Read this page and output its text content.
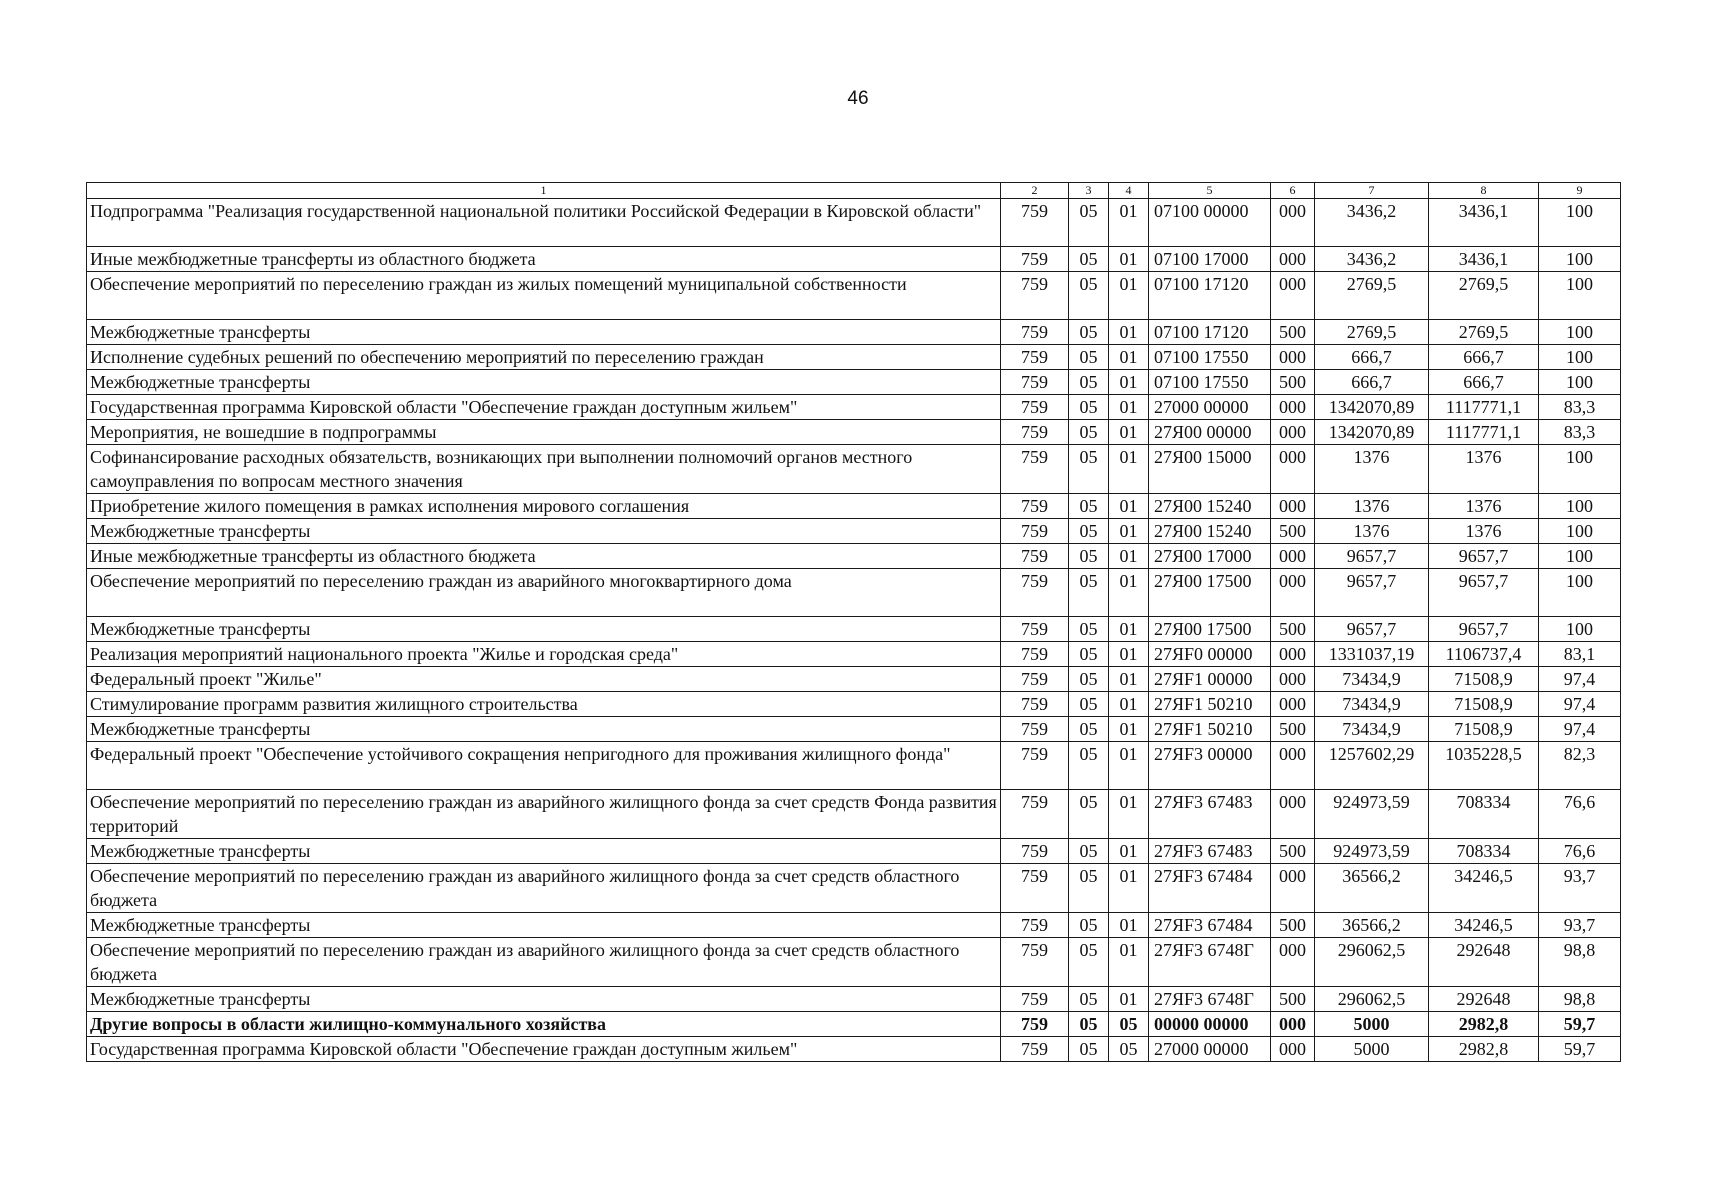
46
1	2	3	4	5	6	7	8	9
Подпрограмма "Реализация государственной национальной политики Российской Федерации в Кировской области"	759	05	01	07100 00000	000	3436,2	3436,1	100
Иные межбюджетные трансферты из областного бюджета	759	05	01	07100 17000	000	3436,2	3436,1	100
Обеспечение мероприятий по переселению граждан из жилых помещений муниципальной собственности	759	05	01	07100 17120	000	2769,5	2769,5	100
Межбюджетные трансферты	759	05	01	07100 17120	500	2769,5	2769,5	100
Исполнение судебных решений по обеспечению мероприятий по переселению граждан	759	05	01	07100 17550	000	666,7	666,7	100
Межбюджетные трансферты	759	05	01	07100 17550	500	666,7	666,7	100
Государственная программа Кировской области "Обеспечение граждан доступным жильем"	759	05	01	27000 00000	000	1342070,89	1117771,1	83,3
Мероприятия, не вошедшие в подпрограммы	759	05	01	27Я00 00000	000	1342070,89	1117771,1	83,3
Софинансирование расходных обязательств, возникающих при выполнении полномочий органов местного самоуправления по вопросам местного значения	759	05	01	27Я00 15000	000	1376	1376	100
Приобретение жилого помещения в рамках исполнения мирового соглашения	759	05	01	27Я00 15240	000	1376	1376	100
Межбюджетные трансферты	759	05	01	27Я00 15240	500	1376	1376	100
Иные межбюджетные трансферты из областного бюджета	759	05	01	27Я00 17000	000	9657,7	9657,7	100
Обеспечение мероприятий по переселению граждан из аварийного многоквартирного дома	759	05	01	27Я00 17500	000	9657,7	9657,7	100
Межбюджетные трансферты	759	05	01	27Я00 17500	500	9657,7	9657,7	100
Реализация мероприятий национального проекта "Жилье и городская среда"	759	05	01	27ЯF0 00000	000	1331037,19	1106737,4	83,1
Федеральный проект "Жилье"	759	05	01	27ЯF1 00000	000	73434,9	71508,9	97,4
Стимулирование программ развития жилищного строительства	759	05	01	27ЯF1 50210	000	73434,9	71508,9	97,4
Межбюджетные трансферты	759	05	01	27ЯF1 50210	500	73434,9	71508,9	97,4
Федеральный проект "Обеспечение устойчивого сокращения непригодного для проживания жилищного фонда"	759	05	01	27ЯF3 00000	000	1257602,29	1035228,5	82,3
Обеспечение мероприятий по переселению граждан из аварийного жилищного фонда за счет средств Фонда развития территорий	759	05	01	27ЯF3 67483	000	924973,59	708334	76,6
Межбюджетные трансферты	759	05	01	27ЯF3 67483	500	924973,59	708334	76,6
Обеспечение мероприятий по переселению граждан из аварийного жилищного фонда за счет средств областного бюджета	759	05	01	27ЯF3 67484	000	36566,2	34246,5	93,7
Межбюджетные трансферты	759	05	01	27ЯF3 67484	500	36566,2	34246,5	93,7
Обеспечение мероприятий по переселению граждан из аварийного жилищного фонда за счет средств областного бюджета	759	05	01	27ЯF3 6748Г	000	296062,5	292648	98,8
Межбюджетные трансферты	759	05	01	27ЯF3 6748Г	500	296062,5	292648	98,8
Другие вопросы в области жилищно-коммунального хозяйства	759	05	05	00000 00000	000	5000	2982,8	59,7
Государственная программа Кировской области "Обеспечение граждан доступным жильем"	759	05	05	27000 00000	000	5000	2982,8	59,7
